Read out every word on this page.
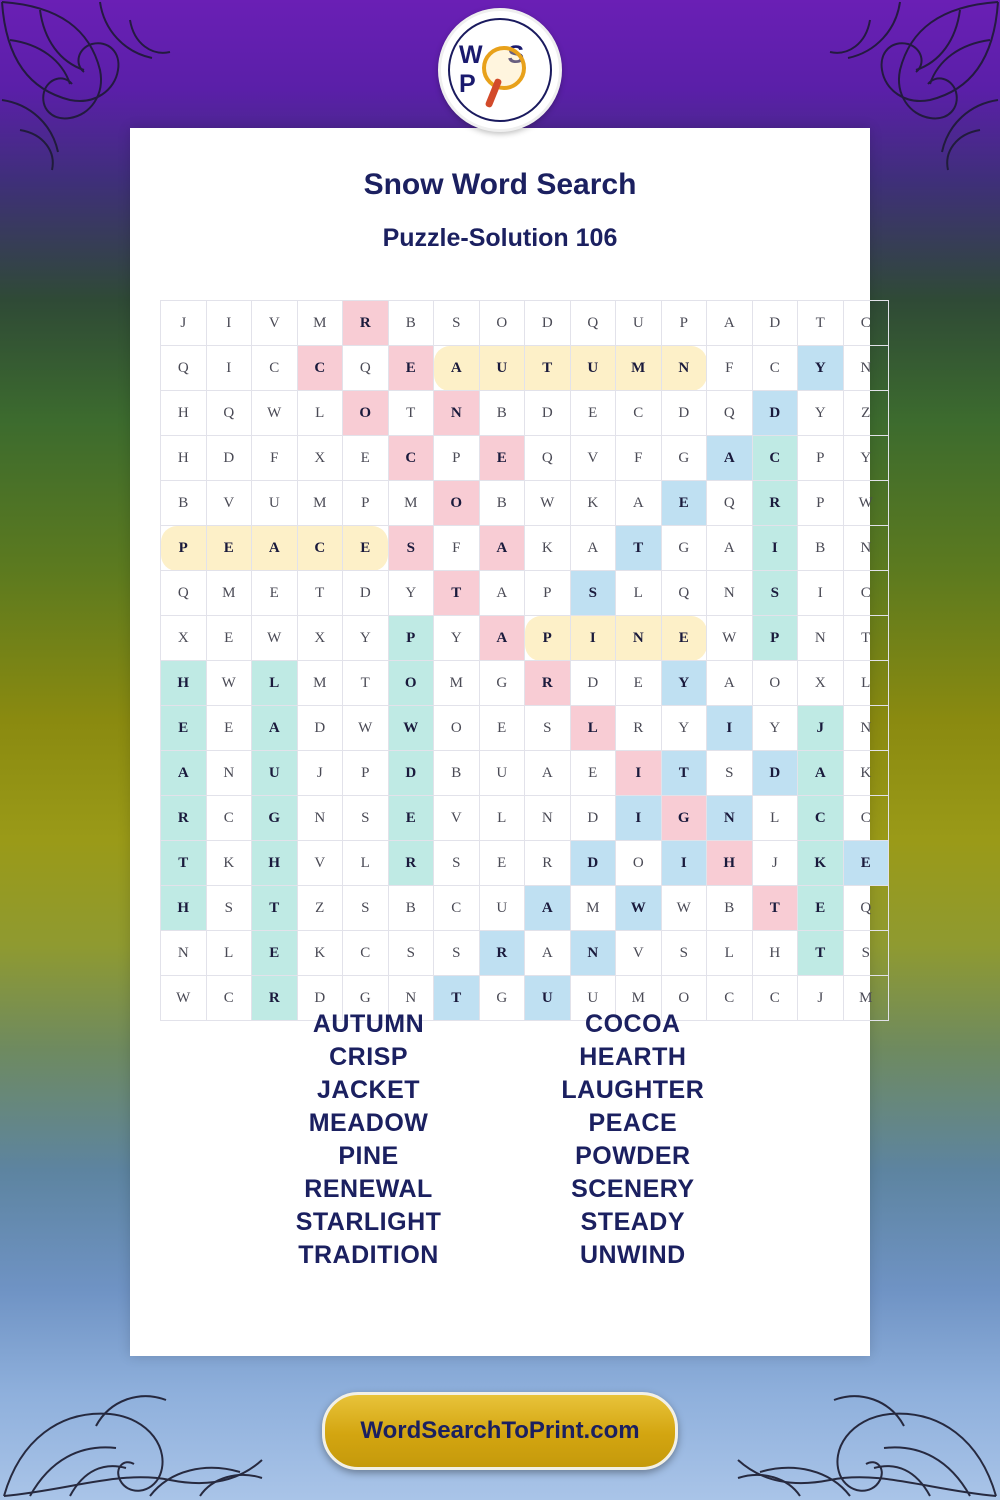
W S P
Snow Word Search
Puzzle-Solution 106
J	I	V	M	R	B	S	O	D	Q	U	P	A	D	T	C
Q	I	C	C	Q	E	A	U	T	U	M	N	F	C	Y	N
H	Q	W	L	O	T	N	B	D	E	C	D	Q	D	Y	Z
H	D	F	X	E	C	P	E	Q	V	F	G	A	C	P	Y
B	V	U	M	P	M	O	B	W	K	A	E	Q	R	P	W
P	E	A	C	E	S	F	A	K	A	T	G	A	I	B	N
Q	M	E	T	D	Y	T	A	P	S	L	Q	N	S	I	C
X	E	W	X	Y	P	Y	A	P	I	N	E	W	P	N	T
H	W	L	M	T	O	M	G	R	D	E	Y	A	O	X	L
E	E	A	D	W	W	O	E	S	L	R	Y	I	Y	J	N
A	N	U	J	P	D	B	U	A	E	I	T	S	D	A	K
R	C	G	N	S	E	V	L	N	D	I	G	N	L	C	C
T	K	H	V	L	R	S	E	R	D	O	I	H	J	K	E
H	S	T	Z	S	B	C	U	A	M	W	W	B	T	E	Q
N	L	E	K	C	S	S	R	A	N	V	S	L	H	T	S
W	C	R	D	G	N	T	G	U	U	M	O	C	C	J	M
AUTUMN
CRISP
JACKET
MEADOW
PINE
RENEWAL
STARLIGHT
TRADITION
COCOA
HEARTH
LAUGHTER
PEACE
POWDER
SCENERY
STEADY
UNWIND
WordSearchToPrint.com
